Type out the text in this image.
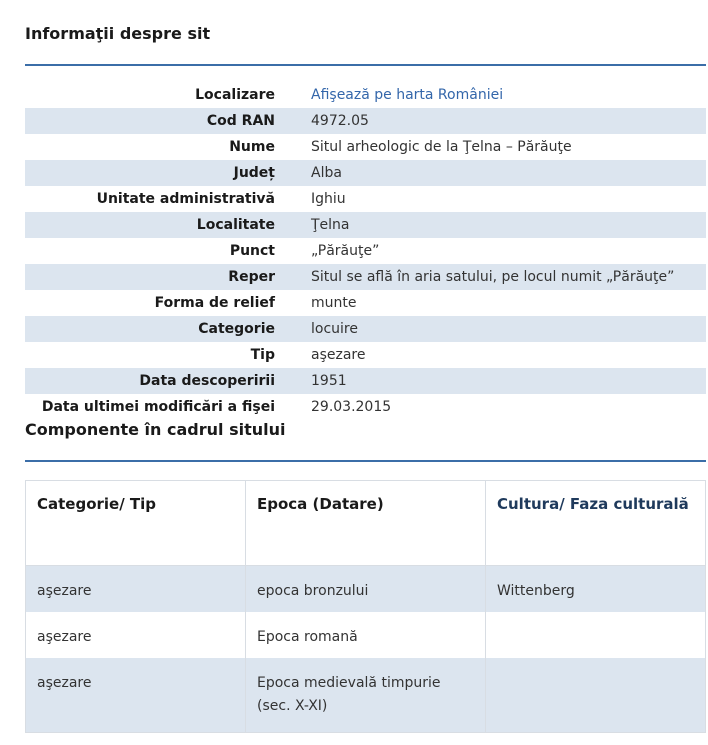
Informaţii despre sit
Localizare	Afişează pe harta României
Cod RAN	4972.05
Nume	Situl arheologic de la Ţelna – Părăuţe
Județ	Alba
Unitate administrativă	Ighiu
Localitate	Ţelna
Punct	„Părăuţe”
Reper	Situl se află în aria satului, pe locul numit „Părăuţe”
Forma de relief	munte
Categorie	locuire
Tip	aşezare
Data descoperirii	1951
Data ultimei modificări a fişei	29.03.2015
Componente în cadrul sitului
Categorie/ Tip	Epoca (Datare)	Cultura/ Faza culturală
aşezare	epoca bronzului	Wittenberg
aşezare	Epoca romană	
aşezare	Epoca medievală timpurie (sec. X-XI)	
